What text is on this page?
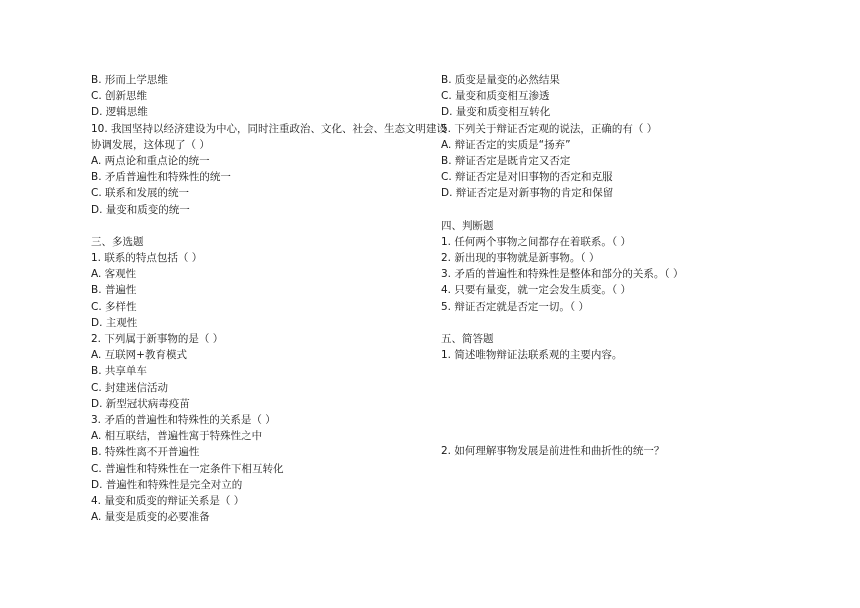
B. 形而上学思维
C. 创新思维
D. 逻辑思维
10. 我国坚持以经济建设为中心，同时注重政治、文化、社会、生态文明建设协调发展，这体现了（ ）
A. 两点论和重点论的统一
B. 矛盾普遍性和特殊性的统一
C. 联系和发展的统一
D. 量变和质变的统一
三、多选题
1. 联系的特点包括（ ）
A. 客观性
B. 普遍性
C. 多样性
D. 主观性
2. 下列属于新事物的是（ ）
A. 互联网+教育模式
B. 共享单车
C. 封建迷信活动
D. 新型冠状病毒疫苗
3. 矛盾的普遍性和特殊性的关系是（ ）
A. 相互联结，普遍性寓于特殊性之中
B. 特殊性离不开普遍性
C. 普遍性和特殊性在一定条件下相互转化
D. 普遍性和特殊性是完全对立的
4. 量变和质变的辩证关系是（ ）
A. 量变是质变的必要准备
B. 质变是量变的必然结果
C. 量变和质变相互渗透
D. 量变和质变相互转化
5. 下列关于辩证否定观的说法，正确的有（ ）
A. 辩证否定的实质是“扬弃”
B. 辩证否定是既肯定又否定
C. 辩证否定是对旧事物的否定和克服
D. 辩证否定是对新事物的肯定和保留
四、判断题
1. 任何两个事物之间都存在着联系。（ ）
2. 新出现的事物就是新事物。（ ）
3. 矛盾的普遍性和特殊性是整体和部分的关系。（ ）
4. 只要有量变，就一定会发生质变。（ ）
5. 辩证否定就是否定一切。（ ）
五、简答题
1. 简述唯物辩证法联系观的主要内容。
2. 如何理解事物发展是前进性和曲折性的统一？
